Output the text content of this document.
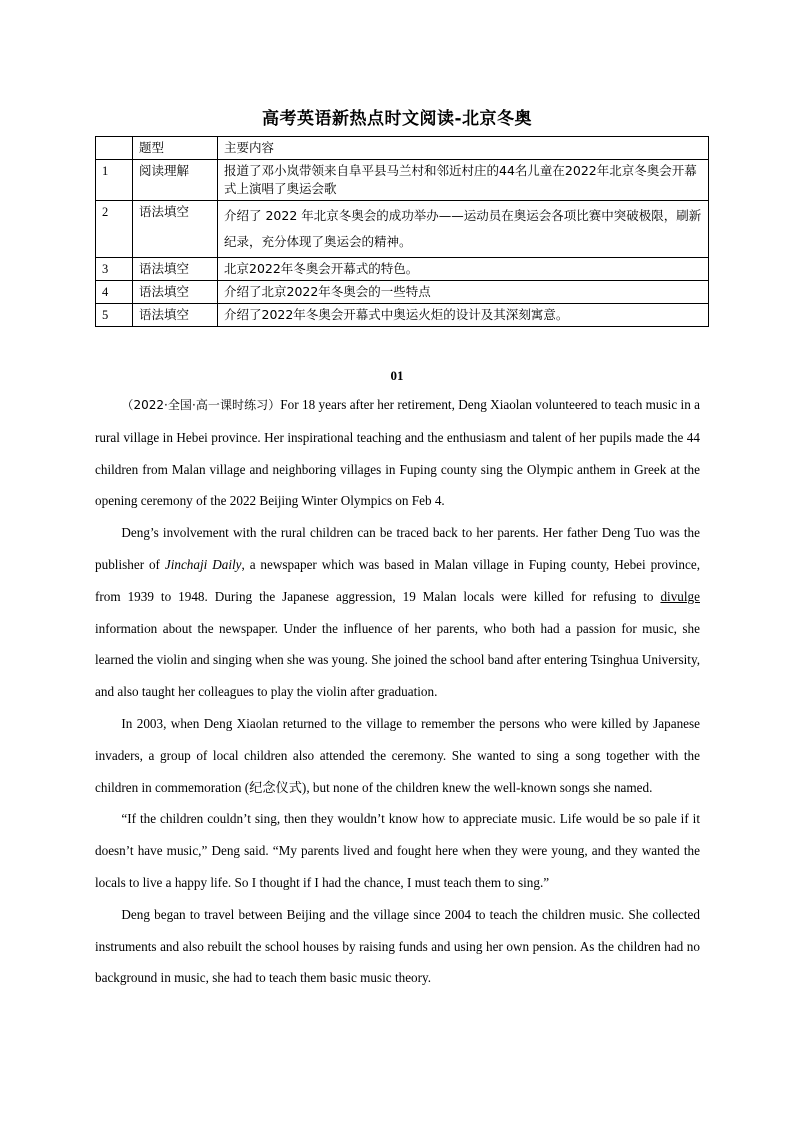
高考英语新热点时文阅读-北京冬奥
	题型	主要内容
1	阅读理解	报道了邓小岚带领来自阜平县马兰村和邻近村庄的44名儿童在2022年北京冬奥会开幕式上演唱了奥运会歌
2	语法填空	介绍了 2022 年北京冬奥会的成功举办——运动员在奥运会各项比赛中突破极限，刷新纪录，充分体现了奥运会的精神。
3	语法填空	北京2022年冬奥会开幕式的特色。
4	语法填空	介绍了北京2022年冬奥会的一些特点
5	语法填空	介绍了2022年冬奥会开幕式中奥运火炬的设计及其深刻寓意。
01

（2022·全国·高一课时练习）For 18 years after her retirement, Deng Xiaolan volunteered to teach music in a rural village in Hebei province. Her inspirational teaching and the enthusiasm and talent of her pupils made the 44 children from Malan village and neighboring villages in Fuping county sing the Olympic anthem in Greek at the opening ceremony of the 2022 Beijing Winter Olympics on Feb 4.

Deng’s involvement with the rural children can be traced back to her parents. Her father Deng Tuo was the publisher of Jinchaji Daily, a newspaper which was based in Malan village in Fuping county, Hebei province, from 1939 to 1948. During the Japanese aggression, 19 Malan locals were killed for refusing to divulge information about the newspaper. Under the influence of her parents, who both had a passion for music, she learned the violin and singing when she was young. She joined the school band after entering Tsinghua University, and also taught her colleagues to play the violin after graduation.

In 2003, when Deng Xiaolan returned to the village to remember the persons who were killed by Japanese invaders, a group of local children also attended the ceremony. She wanted to sing a song together with the children in commemoration (纪念仪式), but none of the children knew the well-known songs she named.

“If the children couldn’t sing, then they wouldn’t know how to appreciate music. Life would be so pale if it doesn’t have music,” Deng said. “My parents lived and fought here when they were young, and they wanted the locals to live a happy life. So I thought if I had the chance, I must teach them to sing.”

Deng began to travel between Beijing and the village since 2004 to teach the children music. She collected instruments and also rebuilt the school houses by raising funds and using her own pension. As the children had no background in music, she had to teach them basic music theory.
